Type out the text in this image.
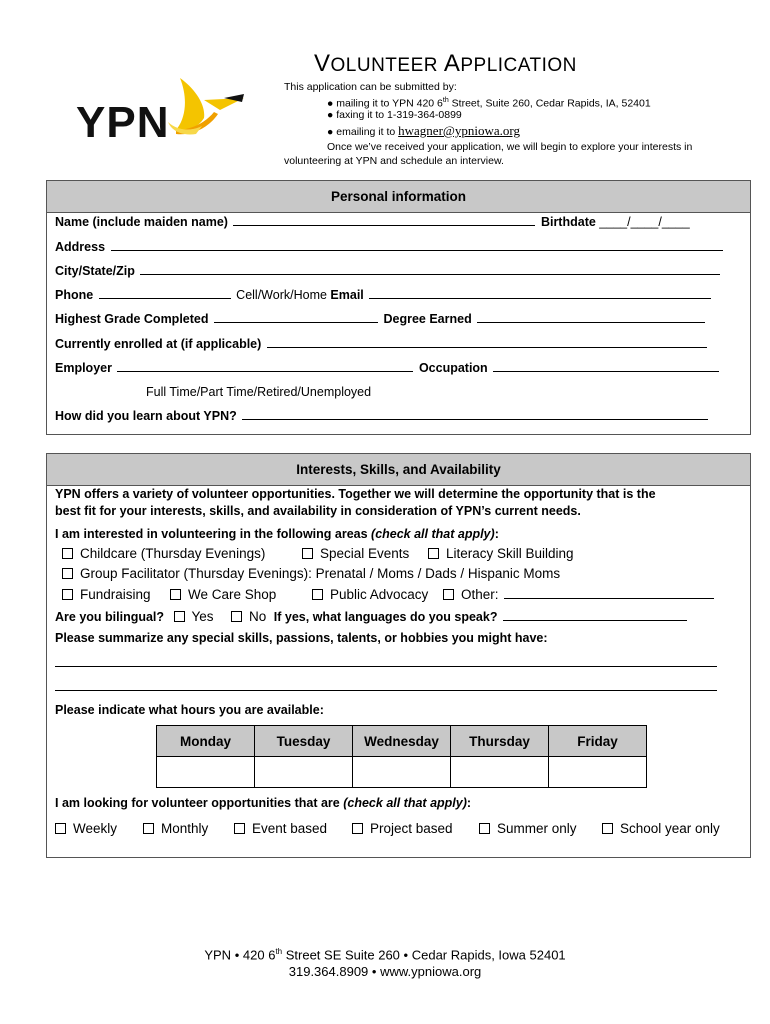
YPN
VOLUNTEER APPLICATION
This application can be submitted by:
● mailing it to YPN 420 6th Street, Suite 260, Cedar Rapids, IA, 52401
● faxing it to 1-319-364-0899
● emailing it to hwagner@ypniowa.org
Once we’ve received your application, we will begin to explore your interests in
volunteering at YPN and schedule an interview.
Personal information
Name (include maiden name)	Birthdate ____/____/____
Address
City/State/Zip
Phone	Cell/Work/Home Email
Highest Grade Completed	Degree Earned
Currently enrolled at (if applicable)
Employer	Occupation
Full Time/Part Time/Retired/Unemployed
How did you learn about YPN?
Interests, Skills, and Availability
YPN offers a variety of volunteer opportunities. Together we will determine the opportunity that is the
best fit for your interests, skills, and availability in consideration of YPN’s current needs.
I am interested in volunteering in the following areas (check all that apply):
Childcare (Thursday Evenings)	Special Events	Literacy Skill Building
Group Facilitator (Thursday Evenings): Prenatal / Moms / Dads / Hispanic Moms
Fundraising	We Care Shop	Public Advocacy	Other:
Are you bilingual? Yes	No If yes, what languages do you speak?
Please summarize any special skills, passions, talents, or hobbies you might have:
Please indicate what hours you are available:
Monday	Tuesday	Wednesday	Thursday	Friday

I am looking for volunteer opportunities that are (check all that apply):
Weekly	Monthly	Event based	Project based	Summer only	School year only
YPN • 420 6th Street SE Suite 260 • Cedar Rapids, Iowa 52401
319.364.8909 • www.ypniowa.org
